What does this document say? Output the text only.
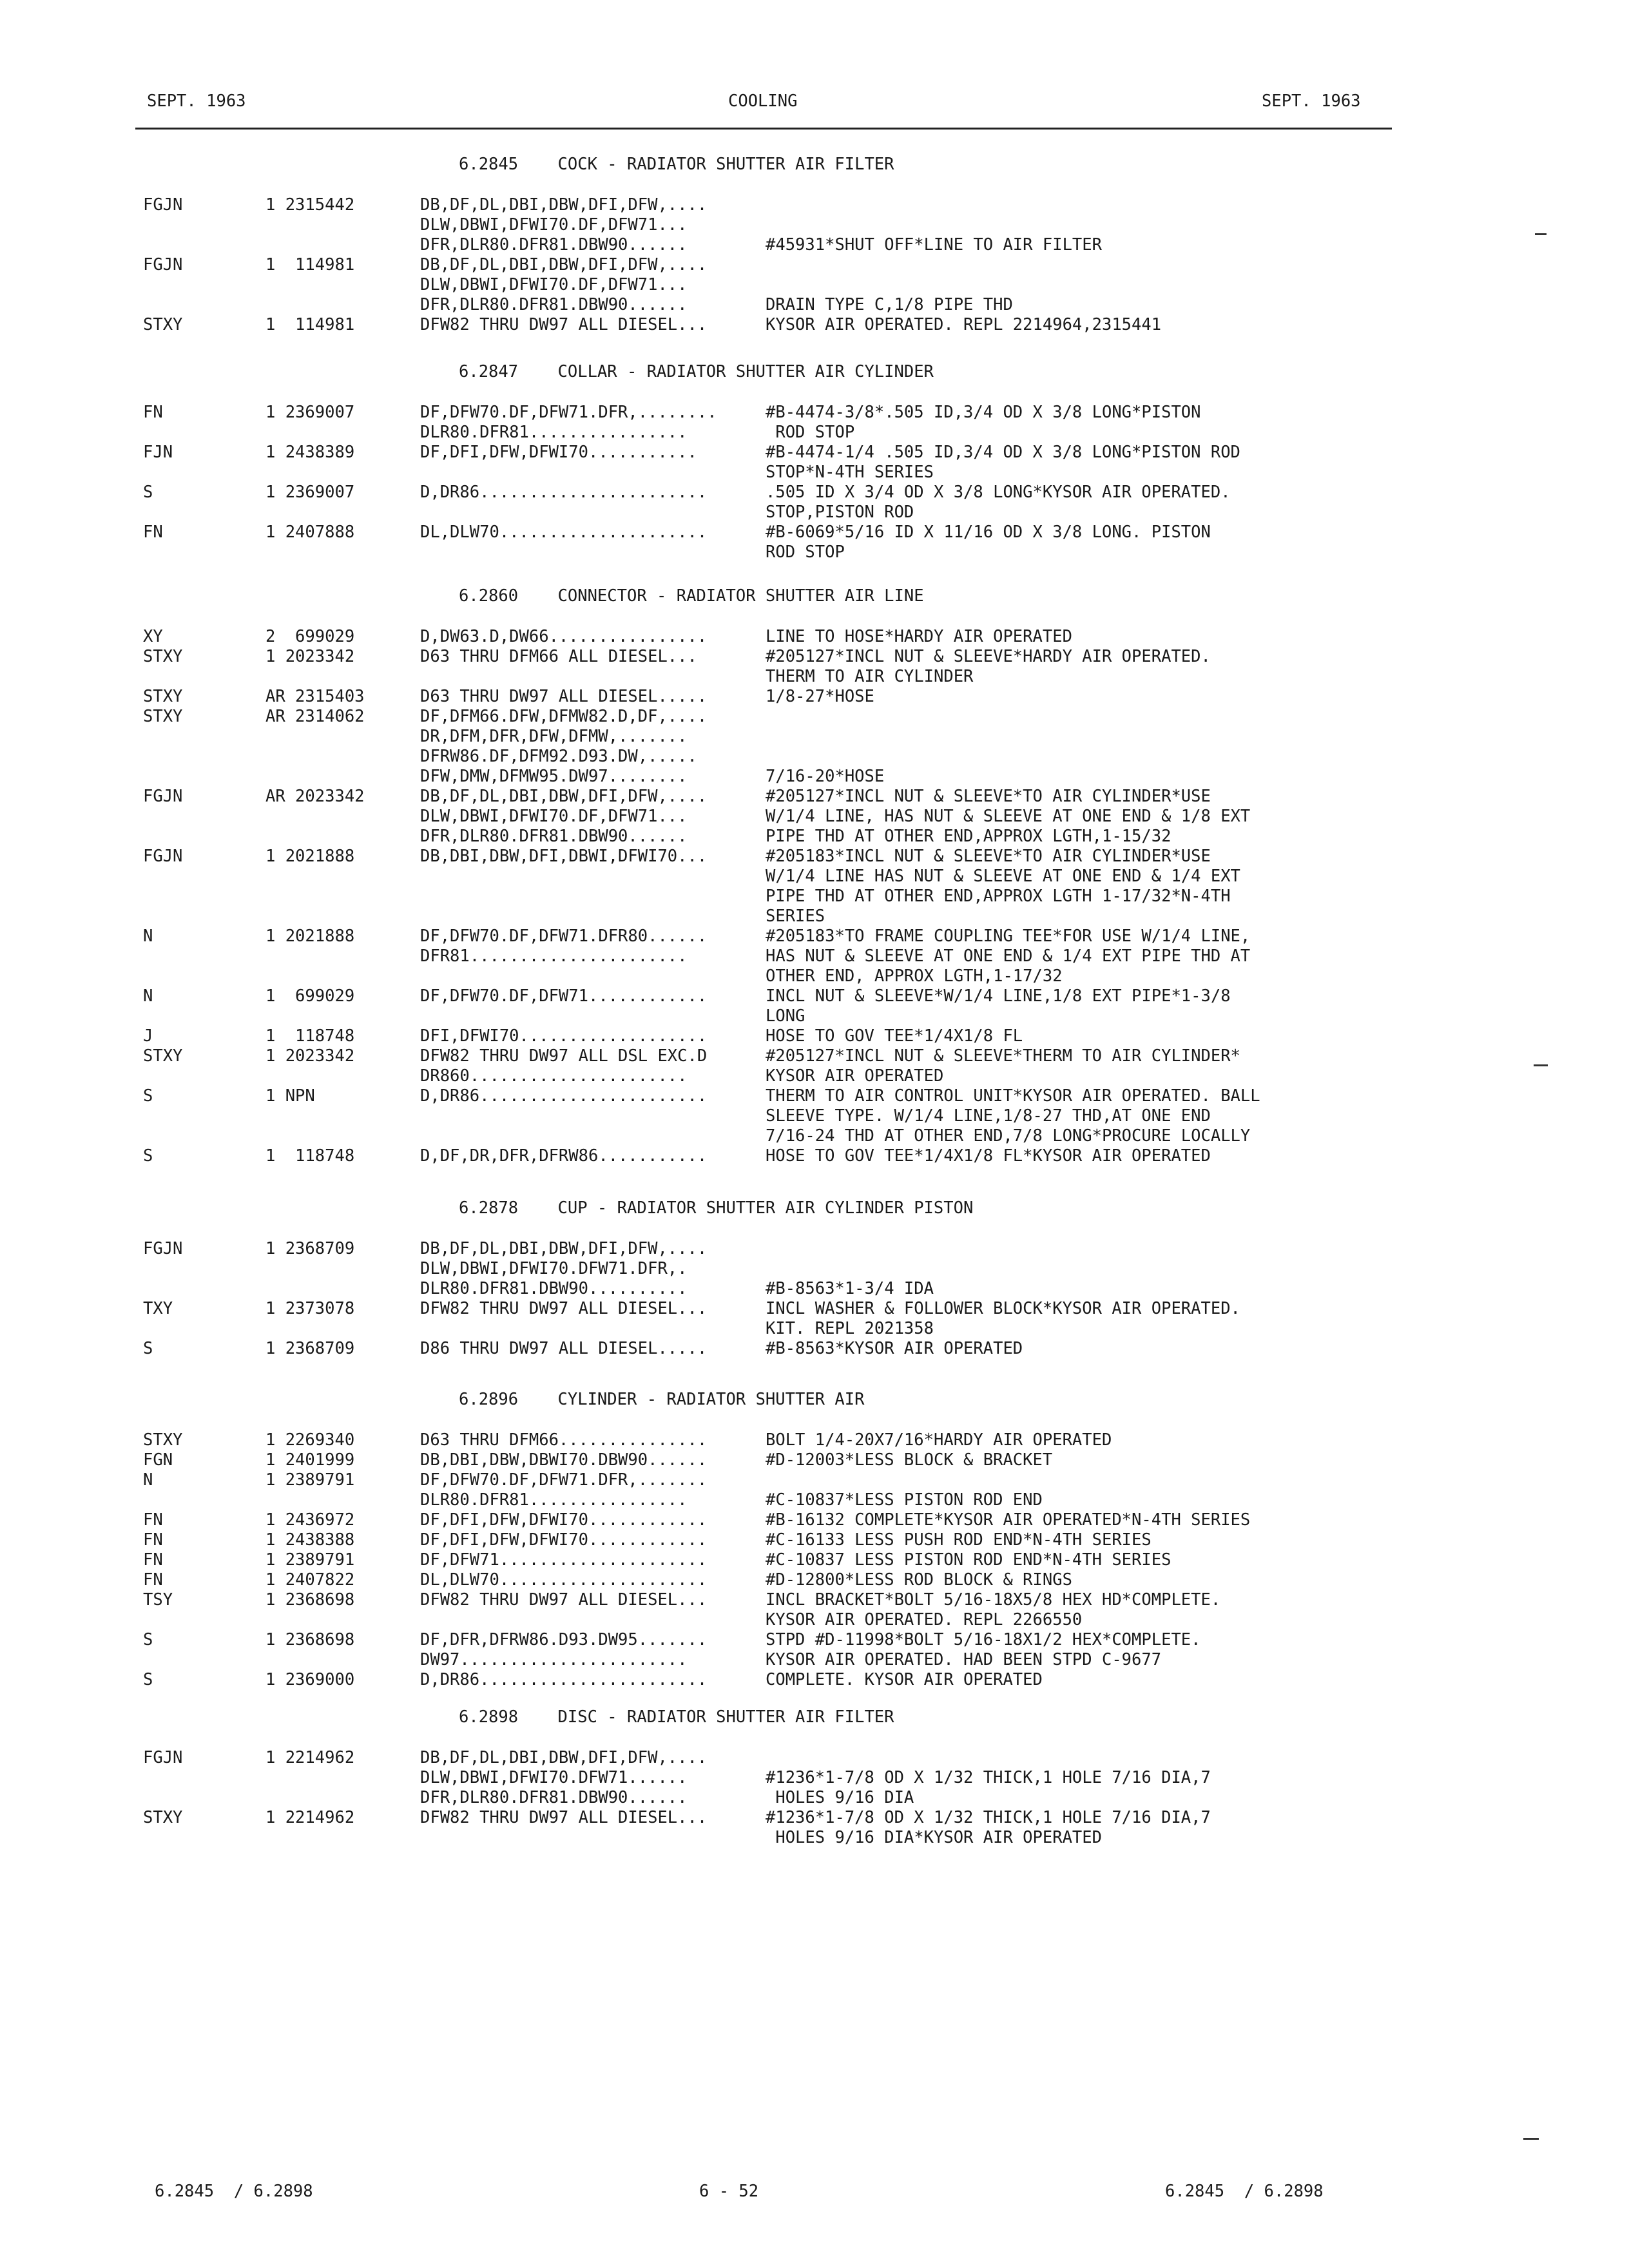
SEPT. 1963	COOLING	SEPT. 1963
6.2845    COCK - RADIATOR SHUTTER AIR FILTER
FGJN	1 2315442	DB,DF,DL,DBI,DBW,DFI,DFW,....
DLW,DBWI,DFWI70.DF,DFW71...
DFR,DLR80.DFR81.DBW90......	#45931*SHUT OFF*LINE TO AIR FILTER
FGJN	1  114981	DB,DF,DL,DBI,DBW,DFI,DFW,....
DLW,DBWI,DFWI70.DF,DFW71...
DFR,DLR80.DFR81.DBW90......	DRAIN TYPE C,1/8 PIPE THD
STXY	1  114981	DFW82 THRU DW97 ALL DIESEL...	KYSOR AIR OPERATED. REPL 2214964,2315441
6.2847    COLLAR - RADIATOR SHUTTER AIR CYLINDER
FN	1 2369007	DF,DFW70.DF,DFW71.DFR,........	#B-4474-3/8*.505 ID,3/4 OD X 3/8 LONG*PISTON
DLR80.DFR81................	ROD STOP
FJN	1 2438389	DF,DFI,DFW,DFWI70...........	#B-4474-1/4 .505 ID,3/4 OD X 3/8 LONG*PISTON ROD
STOP*N-4TH SERIES
S	1 2369007	D,DR86.......................	.505 ID X 3/4 OD X 3/8 LONG*KYSOR AIR OPERATED.
STOP,PISTON ROD
FN	1 2407888	DL,DLW70.....................	#B-6069*5/16 ID X 11/16 OD X 3/8 LONG. PISTON
ROD STOP
6.2860    CONNECTOR - RADIATOR SHUTTER AIR LINE
XY	2  699029	D,DW63.D,DW66................	LINE TO HOSE*HARDY AIR OPERATED
STXY	1 2023342	D63 THRU DFM66 ALL DIESEL...	#205127*INCL NUT & SLEEVE*HARDY AIR OPERATED.
THERM TO AIR CYLINDER
STXY	AR 2315403	D63 THRU DW97 ALL DIESEL.....	1/8-27*HOSE
STXY	AR 2314062	DF,DFM66.DFW,DFMW82.D,DF,....
DR,DFM,DFR,DFW,DFMW,.......
DFRW86.DF,DFM92.D93.DW,.....
DFW,DMW,DFMW95.DW97........	7/16-20*HOSE
FGJN	AR 2023342	DB,DF,DL,DBI,DBW,DFI,DFW,....	#205127*INCL NUT & SLEEVE*TO AIR CYLINDER*USE
DLW,DBWI,DFWI70.DF,DFW71...	W/1/4 LINE, HAS NUT & SLEEVE AT ONE END & 1/8 EXT
DFR,DLR80.DFR81.DBW90......	PIPE THD AT OTHER END,APPROX LGTH,1-15/32
FGJN	1 2021888	DB,DBI,DBW,DFI,DBWI,DFWI70...	#205183*INCL NUT & SLEEVE*TO AIR CYLINDER*USE
W/1/4 LINE HAS NUT & SLEEVE AT ONE END & 1/4 EXT
PIPE THD AT OTHER END,APPROX LGTH 1-17/32*N-4TH
SERIES
N	1 2021888	DF,DFW70.DF,DFW71.DFR80......	#205183*TO FRAME COUPLING TEE*FOR USE W/1/4 LINE,
DFR81......................	HAS NUT & SLEEVE AT ONE END & 1/4 EXT PIPE THD AT
OTHER END, APPROX LGTH,1-17/32
N	1  699029	DF,DFW70.DF,DFW71............	INCL NUT & SLEEVE*W/1/4 LINE,1/8 EXT PIPE*1-3/8
LONG
J	1  118748	DFI,DFWI70...................	HOSE TO GOV TEE*1/4X1/8 FL
STXY	1 2023342	DFW82 THRU DW97 ALL DSL EXC.D	#205127*INCL NUT & SLEEVE*THERM TO AIR CYLINDER*
DR860......................	KYSOR AIR OPERATED
S	1 NPN	D,DR86.......................	THERM TO AIR CONTROL UNIT*KYSOR AIR OPERATED. BALL
SLEEVE TYPE. W/1/4 LINE,1/8-27 THD,AT ONE END
7/16-24 THD AT OTHER END,7/8 LONG*PROCURE LOCALLY
S	1  118748	D,DF,DR,DFR,DFRW86...........	HOSE TO GOV TEE*1/4X1/8 FL*KYSOR AIR OPERATED
6.2878    CUP - RADIATOR SHUTTER AIR CYLINDER PISTON
FGJN	1 2368709	DB,DF,DL,DBI,DBW,DFI,DFW,....
DLW,DBWI,DFWI70.DFW71.DFR,.
DLR80.DFR81.DBW90..........	#B-8563*1-3/4 IDA
TXY	1 2373078	DFW82 THRU DW97 ALL DIESEL...	INCL WASHER & FOLLOWER BLOCK*KYSOR AIR OPERATED.
KIT. REPL 2021358
S	1 2368709	D86 THRU DW97 ALL DIESEL.....	#B-8563*KYSOR AIR OPERATED
6.2896    CYLINDER - RADIATOR SHUTTER AIR
STXY	1 2269340	D63 THRU DFM66...............	BOLT 1/4-20X7/16*HARDY AIR OPERATED
FGN	1 2401999	DB,DBI,DBW,DBWI70.DBW90......	#D-12003*LESS BLOCK & BRACKET
N	1 2389791	DF,DFW70.DF,DFW71.DFR,.......
DLR80.DFR81................	#C-10837*LESS PISTON ROD END
FN	1 2436972	DF,DFI,DFW,DFWI70............	#B-16132 COMPLETE*KYSOR AIR OPERATED*N-4TH SERIES
FN	1 2438388	DF,DFI,DFW,DFWI70............	#C-16133 LESS PUSH ROD END*N-4TH SERIES
FN	1 2389791	DF,DFW71.....................	#C-10837 LESS PISTON ROD END*N-4TH SERIES
FN	1 2407822	DL,DLW70.....................	#D-12800*LESS ROD BLOCK & RINGS
TSY	1 2368698	DFW82 THRU DW97 ALL DIESEL...	INCL BRACKET*BOLT 5/16-18X5/8 HEX HD*COMPLETE.
KYSOR AIR OPERATED. REPL 2266550
S	1 2368698	DF,DFR,DFRW86.D93.DW95.......	STPD #D-11998*BOLT 5/16-18X1/2 HEX*COMPLETE.
DW97.......................	KYSOR AIR OPERATED. HAD BEEN STPD C-9677
S	1 2369000	D,DR86.......................	COMPLETE. KYSOR AIR OPERATED
6.2898    DISC - RADIATOR SHUTTER AIR FILTER
FGJN	1 2214962	DB,DF,DL,DBI,DBW,DFI,DFW,....
DLW,DBWI,DFWI70.DFW71......	#1236*1-7/8 OD X 1/32 THICK,1 HOLE 7/16 DIA,7
DFR,DLR80.DFR81.DBW90......	HOLES 9/16 DIA
STXY	1 2214962	DFW82 THRU DW97 ALL DIESEL...	#1236*1-7/8 OD X 1/32 THICK,1 HOLE 7/16 DIA,7
HOLES 9/16 DIA*KYSOR AIR OPERATED
6.2845  / 6.2898	6 - 52	6.2845  / 6.2898
